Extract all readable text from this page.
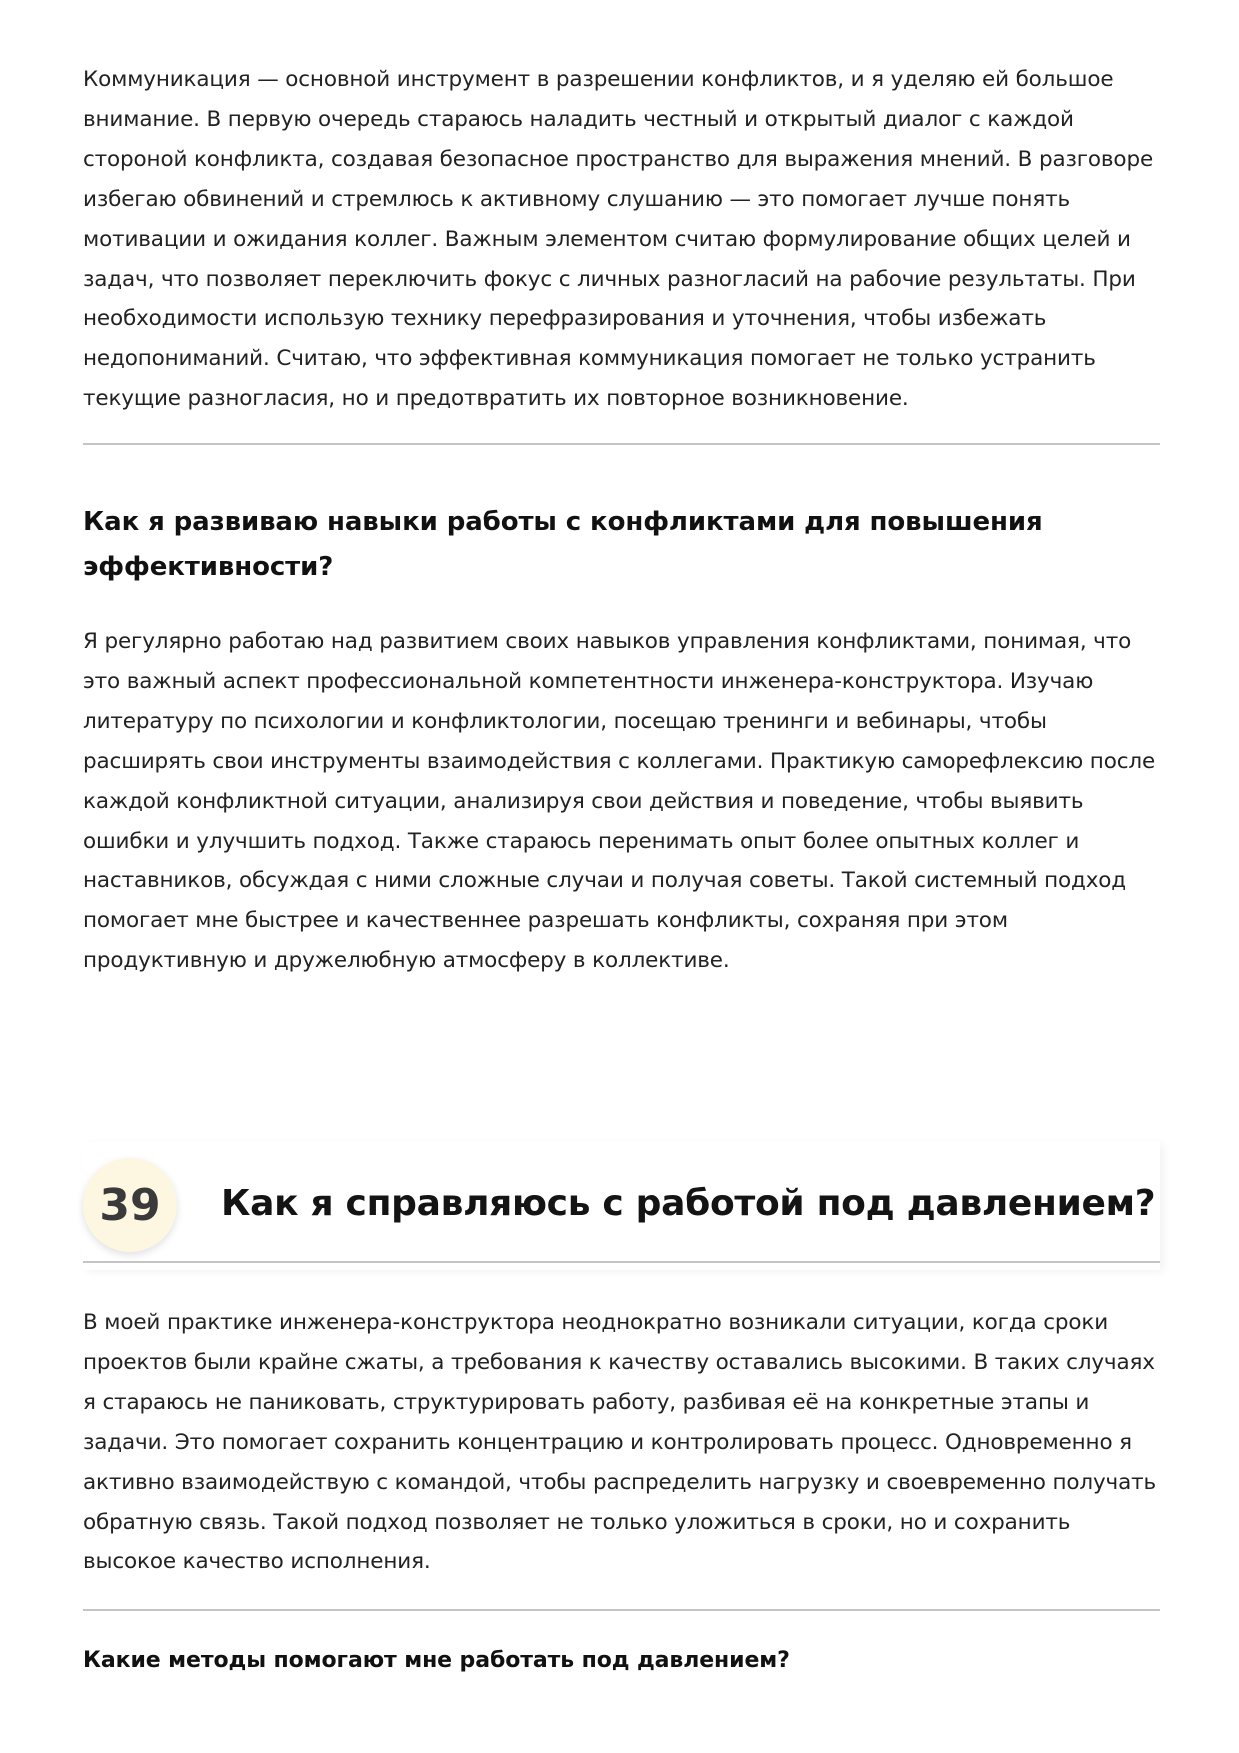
Коммуникация — основной инструмент в разрешении конфликтов, и я уделяю ей большое внимание. В первую очередь стараюсь наладить честный и открытый диалог с каждой стороной конфликта, создавая безопасное пространство для выражения мнений. В разговоре избегаю обвинений и стремлюсь к активному слушанию — это помогает лучше понять мотивации и ожидания коллег. Важным элементом считаю формулирование общих целей и задач, что позволяет переключить фокус с личных разногласий на рабочие результаты. При необходимости использую технику перефразирования и уточнения, чтобы избежать недопониманий. Считаю, что эффективная коммуникация помогает не только устранить текущие разногласия, но и предотвратить их повторное возникновение.

Как я развиваю навыки работы с конфликтами для повышения эффективности?

Я регулярно работаю над развитием своих навыков управления конфликтами, понимая, что это важный аспект профессиональной компетентности инженера-конструктора. Изучаю литературу по психологии и конфликтологии, посещаю тренинги и вебинары, чтобы расширять свои инструменты взаимодействия с коллегами. Практикую саморефлексию после каждой конфликтной ситуации, анализируя свои действия и поведение, чтобы выявить ошибки и улучшить подход. Также стараюсь перенимать опыт более опытных коллег и наставников, обсуждая с ними сложные случаи и получая советы. Такой системный подход помогает мне быстрее и качественнее разрешать конфликты, сохраняя при этом продуктивную и дружелюбную атмосферу в коллективе.

39	Как я справляюсь с работой под давлением?

В моей практике инженера-конструктора неоднократно возникали ситуации, когда сроки проектов были крайне сжаты, а требования к качеству оставались высокими. В таких случаях я стараюсь не паниковать, структурировать работу, разбивая её на конкретные этапы и задачи. Это помогает сохранить концентрацию и контролировать процесс. Одновременно я активно взаимодействую с командой, чтобы распределить нагрузку и своевременно получать обратную связь. Такой подход позволяет не только уложиться в сроки, но и сохранить высокое качество исполнения.

Какие методы помогают мне работать под давлением?
